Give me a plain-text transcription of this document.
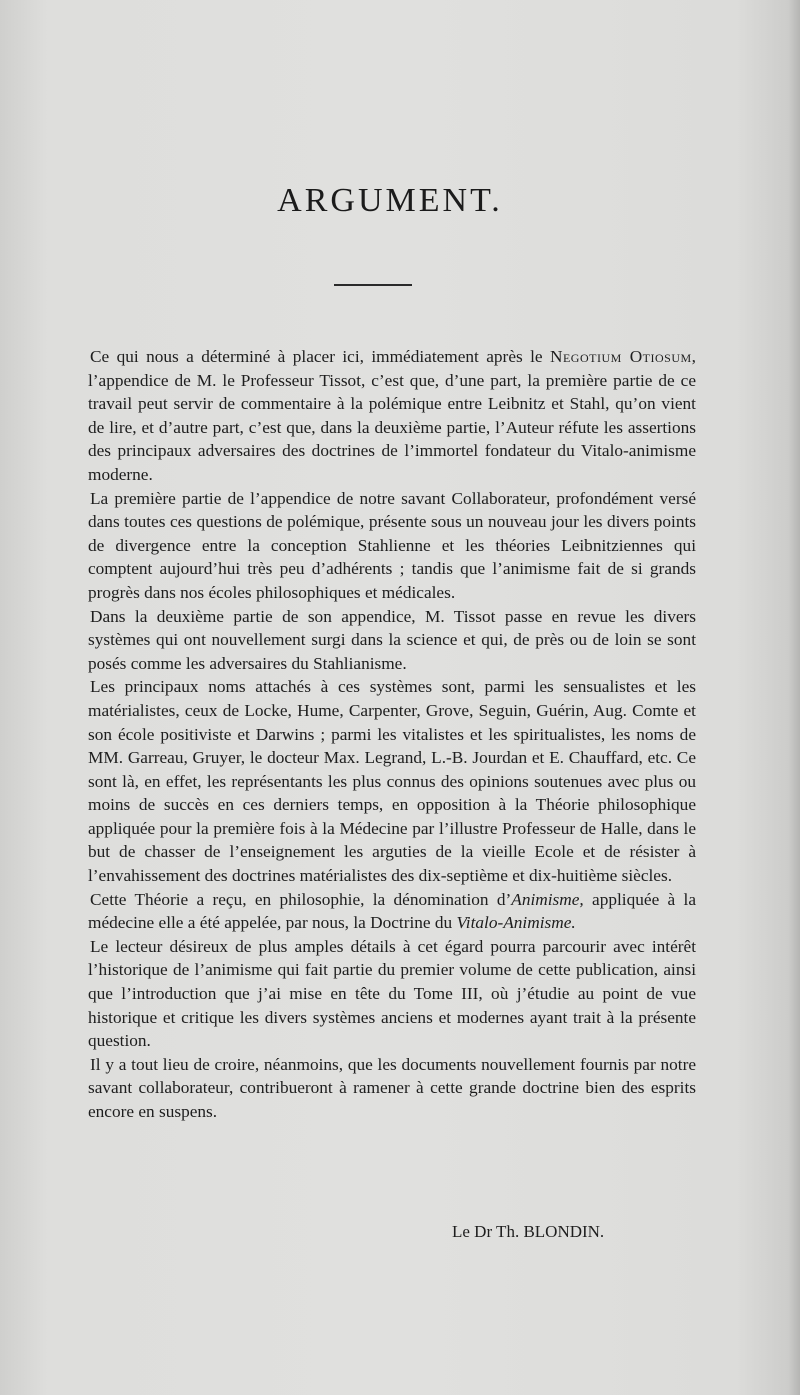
ARGUMENT.

Ce qui nous a déterminé à placer ici, immédiatement après le Negotium Otiosum, l’appendice de M. le Professeur Tissot, c’est que, d’une part, la première partie de ce travail peut servir de commentaire à la polémique entre Leibnitz et Stahl, qu’on vient de lire, et d’autre part, c’est que, dans la deuxième partie, l’Auteur réfute les assertions des principaux adversaires des doctrines de l’immortel fondateur du Vitalo-animisme moderne.

La première partie de l’appendice de notre savant Collaborateur, profondément versé dans toutes ces questions de polémique, présente sous un nouveau jour les divers points de divergence entre la conception Stahlienne et les théories Leibnitziennes qui comptent aujourd’hui très peu d’adhérents ; tandis que l’animisme fait de si grands progrès dans nos écoles philosophiques et médicales.

Dans la deuxième partie de son appendice, M. Tissot passe en revue les divers systèmes qui ont nouvellement surgi dans la science et qui, de près ou de loin se sont posés comme les adversaires du Stahlianisme.

Les principaux noms attachés à ces systèmes sont, parmi les sensualistes et les matérialistes, ceux de Locke, Hume, Carpenter, Grove, Seguin, Guérin, Aug. Comte et son école positiviste et Darwins ; parmi les vitalistes et les spiritualistes, les noms de MM. Garreau, Gruyer, le docteur Max. Legrand, L.-B. Jourdan et E. Chauffard, etc. Ce sont là, en effet, les représentants les plus connus des opinions soutenues avec plus ou moins de succès en ces derniers temps, en opposition à la Théorie philosophique appliquée pour la première fois à la Médecine par l’illustre Professeur de Halle, dans le but de chasser de l’enseignement les arguties de la vieille Ecole et de résister à l’envahissement des doctrines matérialistes des dix-septième et dix-huitième siècles.

Cette Théorie a reçu, en philosophie, la dénomination d’Animisme, appliquée à la médecine elle a été appelée, par nous, la Doctrine du Vitalo-Animisme.

Le lecteur désireux de plus amples détails à cet égard pourra parcourir avec intérêt l’historique de l’animisme qui fait partie du premier volume de cette publication, ainsi que l’introduction que j’ai mise en tête du Tome III, où j’étudie au point de vue historique et critique les divers systèmes anciens et modernes ayant trait à la présente question.

Il y a tout lieu de croire, néanmoins, que les documents nouvellement fournis par notre savant collaborateur, contribueront à ramener à cette grande doctrine bien des esprits encore en suspens.

Le Dr Th. BLONDIN.
